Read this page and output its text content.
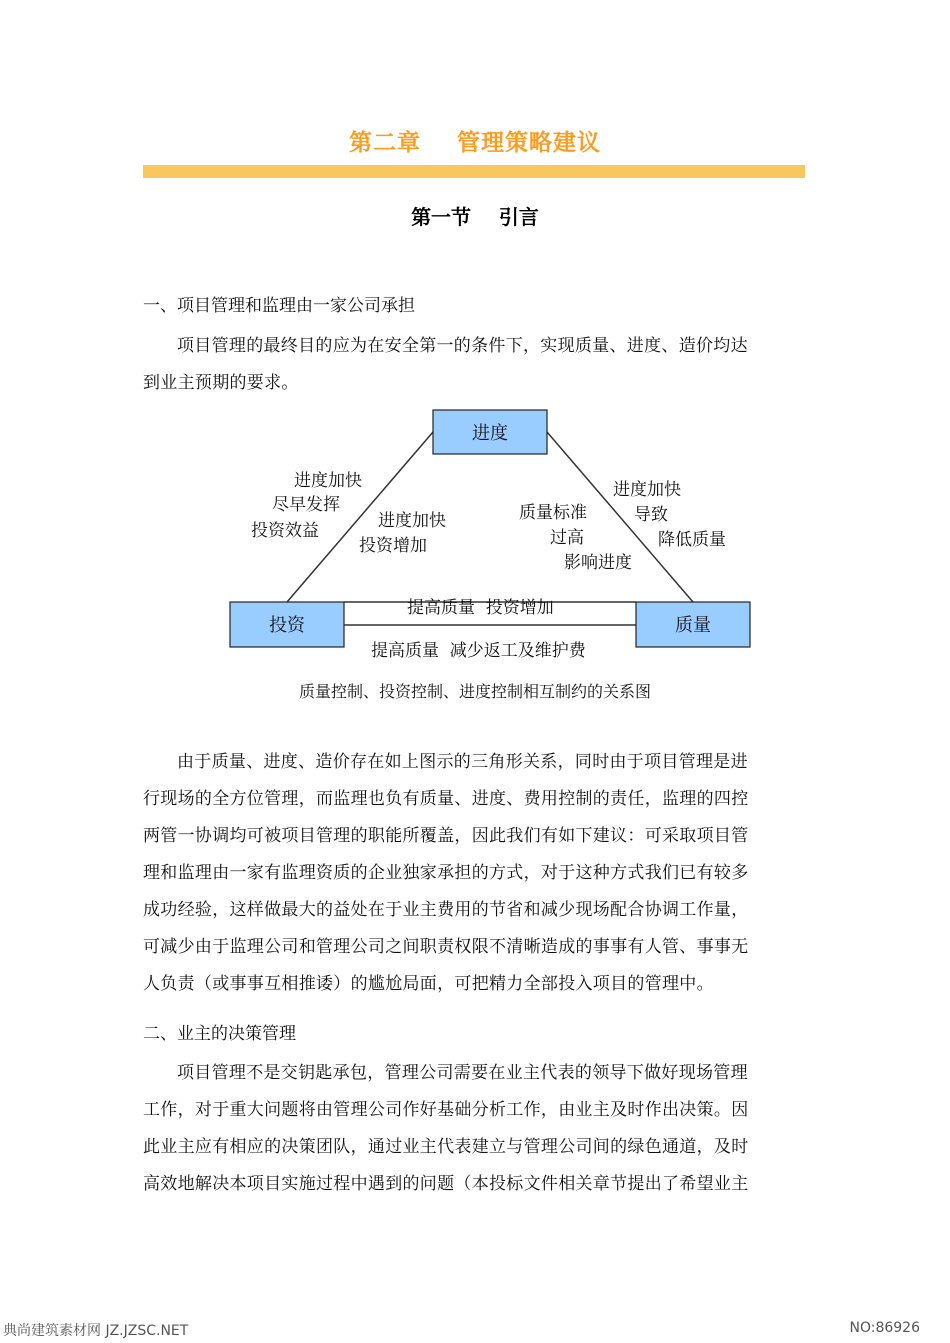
第二章    管理策略建议
第一节    引言
一、项目管理和监理由一家公司承担
项目管理的最终目的应为在安全第一的条件下，实现质量、进度、造价均达
到业主预期的要求。
进度
投资	质量
进度加快
尽早发挥
投资效益	进度加快
投资增加
质量标准
过高
影响进度
进度加快
导致
降低质量
提高质量  投资增加
提高质量  减少返工及维护费
质量控制、投资控制、进度控制相互制约的关系图
由于质量、进度、造价存在如上图示的三角形关系，同时由于项目管理是进
行现场的全方位管理，而监理也负有质量、进度、费用控制的责任，监理的四控
两管一协调均可被项目管理的职能所覆盖，因此我们有如下建议：可采取项目管
理和监理由一家有监理资质的企业独家承担的方式，对于这种方式我们已有较多
成功经验，这样做最大的益处在于业主费用的节省和减少现场配合协调工作量，
可减少由于监理公司和管理公司之间职责权限不清晰造成的事事有人管、事事无
人负责（或事事互相推诿）的尴尬局面，可把精力全部投入项目的管理中。
二、业主的决策管理
项目管理不是交钥匙承包，管理公司需要在业主代表的领导下做好现场管理
工作，对于重大问题将由管理公司作好基础分析工作，由业主及时作出决策。因
此业主应有相应的决策团队，通过业主代表建立与管理公司间的绿色通道，及时
高效地解决本项目实施过程中遇到的问题（本投标文件相关章节提出了希望业主
典尚建筑素材网 JZ.JZSC.NET	NO:86926
